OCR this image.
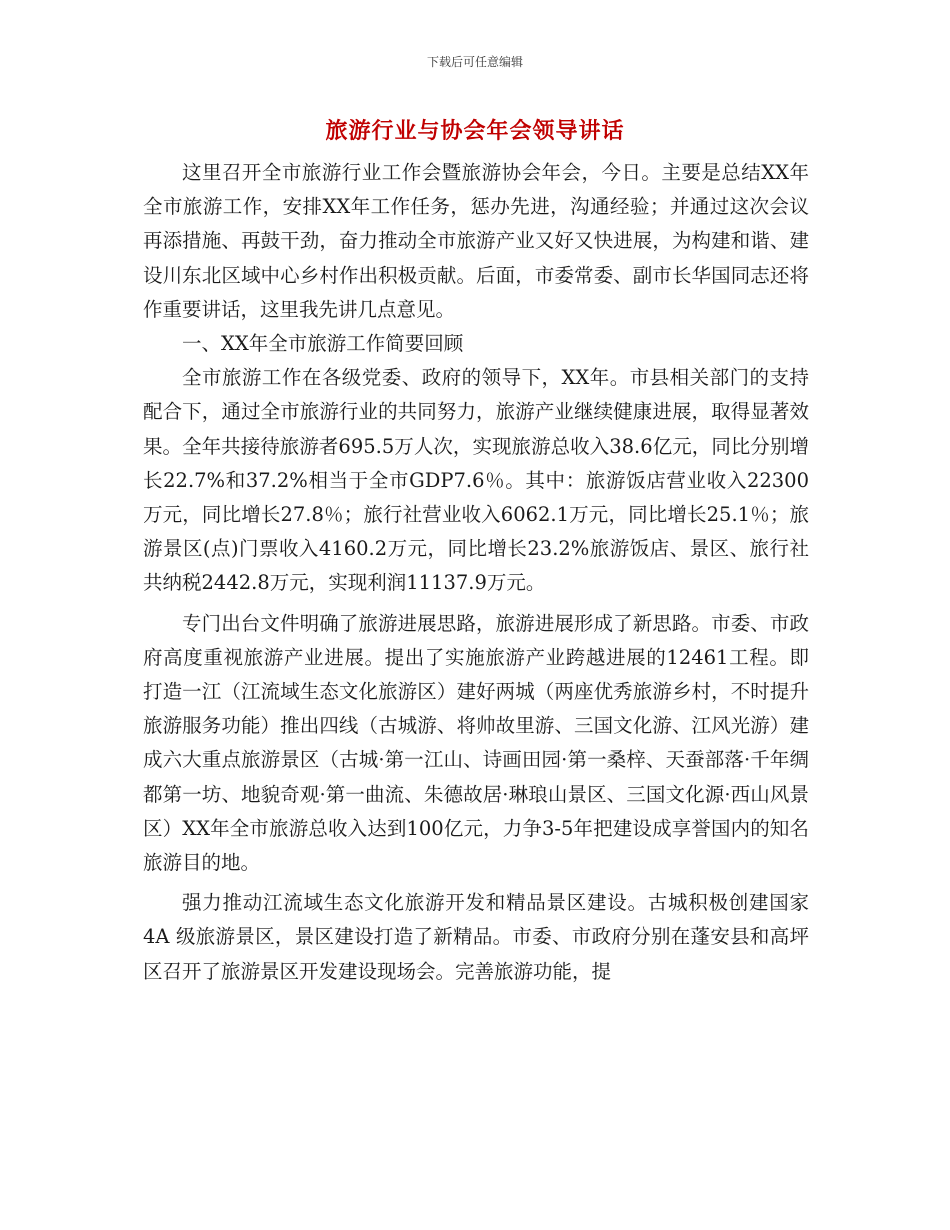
下载后可任意编辑
旅游行业与协会年会领导讲话

这里召开全市旅游行业工作会暨旅游协会年会，今日。主要是总结XX年全市旅游工作，安排XX年工作任务，惩办先进，沟通经验；并通过这次会议再添措施、再鼓干劲，奋力推动全市旅游产业又好又快进展，为构建和谐、建设川东北区域中心乡村作出积极贡献。后面，市委常委、副市长华国同志还将作重要讲话，这里我先讲几点意见。

一、XX年全市旅游工作简要回顾

全市旅游工作在各级党委、政府的领导下，XX年。市县相关部门的支持配合下，通过全市旅游行业的共同努力，旅游产业继续健康进展，取得显著效果。全年共接待旅游者695.5万人次，实现旅游总收入38.6亿元，同比分别增长22.7%和37.2%相当于全市GDP7.6％。其中：旅游饭店营业收入22300万元，同比增长27.8％；旅行社营业收入6062.1万元，同比增长25.1％；旅游景区(点)门票收入4160.2万元，同比增长23.2%旅游饭店、景区、旅行社共纳税2442.8万元，实现利润11137.9万元。

专门出台文件明确了旅游进展思路，旅游进展形成了新思路。市委、市政府高度重视旅游产业进展。提出了实施旅游产业跨越进展的12461工程。即打造一江（江流域生态文化旅游区）建好两城（两座优秀旅游乡村，不时提升旅游服务功能）推出四线（古城游、将帅故里游、三国文化游、江风光游）建成六大重点旅游景区（古城·第一江山、诗画田园·第一桑梓、天蚕部落·千年绸都第一坊、地貌奇观·第一曲流、朱德故居·琳琅山景区、三国文化源·西山风景区）XX年全市旅游总收入达到100亿元，力争3-5年把建设成享誉国内的知名旅游目的地。

强力推动江流域生态文化旅游开发和精品景区建设。古城积极创建国家4A 级旅游景区，景区建设打造了新精品。市委、市政府分别在蓬安县和高坪区召开了旅游景区开发建设现场会。完善旅游功能，提
